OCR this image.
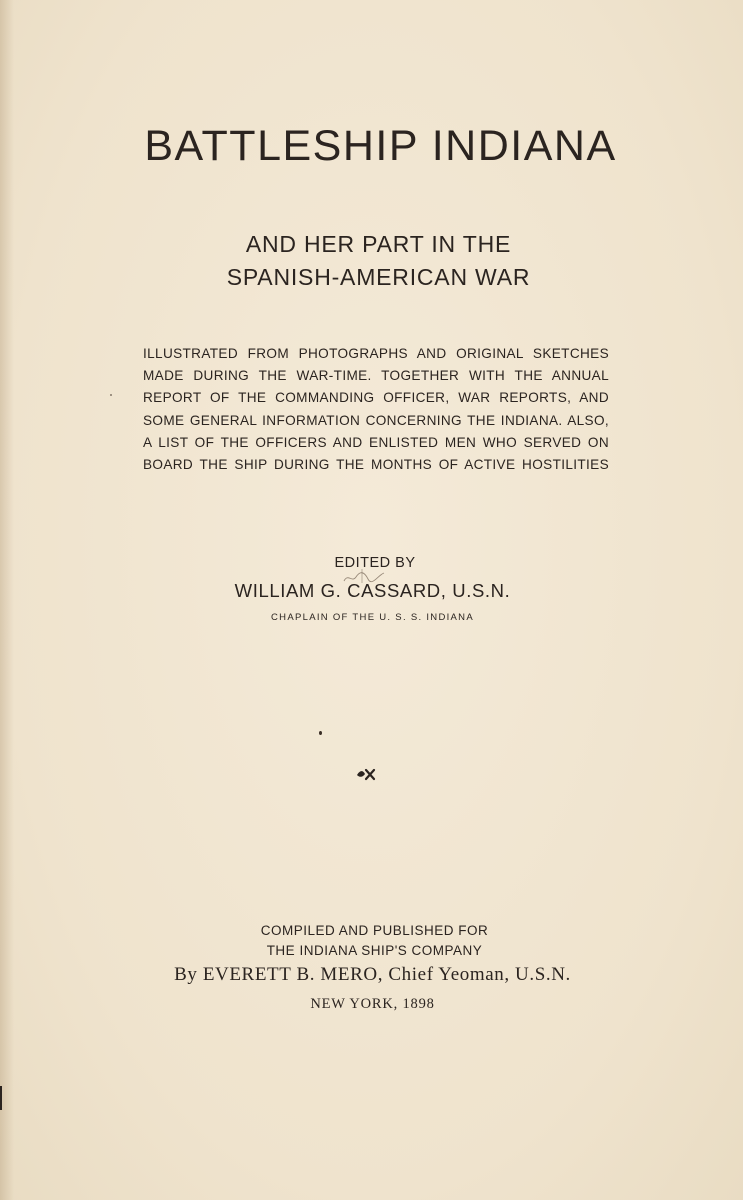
BATTLESHIP INDIANA
AND HER PART IN THE
SPANISH-AMERICAN WAR
ILLUSTRATED FROM PHOTOGRAPHS AND ORIGINAL SKETCHES
MADE DURING THE WAR-TIME. TOGETHER WITH THE ANNUAL
REPORT OF THE COMMANDING OFFICER, WAR REPORTS, AND
SOME GENERAL INFORMATION CONCERNING THE INDIANA. ALSO,
A LIST OF THE OFFICERS AND ENLISTED MEN WHO SERVED ON
BOARD THE SHIP DURING THE MONTHS OF ACTIVE HOSTILITIES
EDITED BY
WILLIAM G. CASSARD, U.S.N.
CHAPLAIN OF THE U. S. S. INDIANA
COMPILED AND PUBLISHED FOR
THE INDIANA SHIP'S COMPANY
By EVERETT B. MERO, Chief Yeoman, U.S.N.
NEW YORK, 1898
